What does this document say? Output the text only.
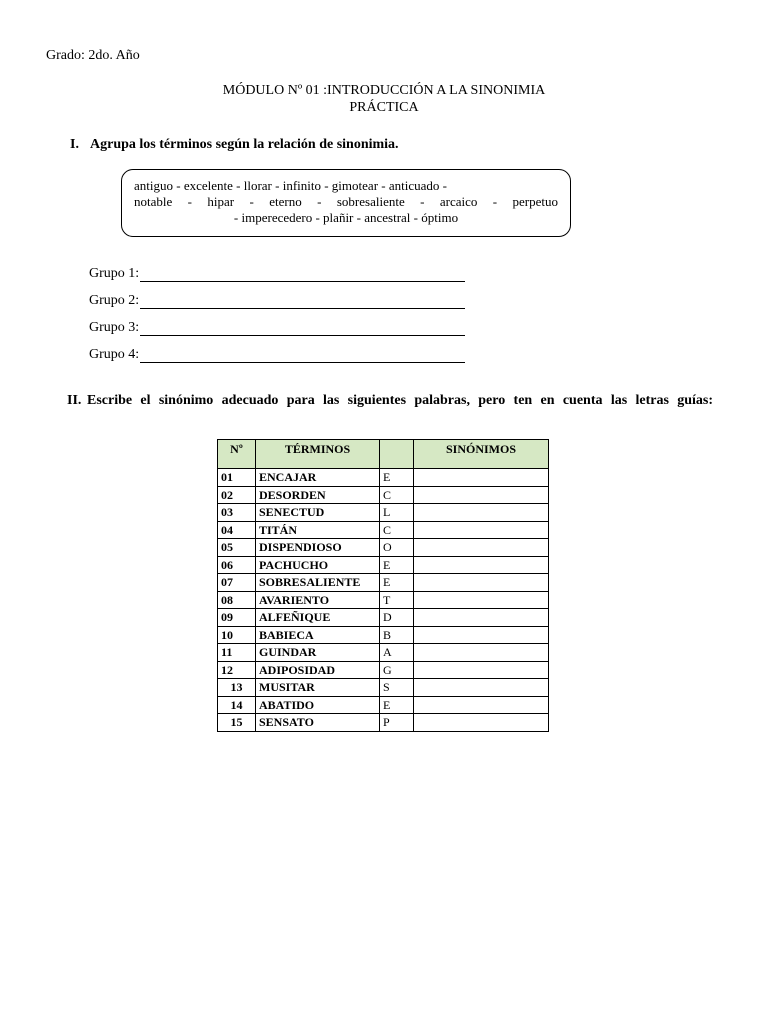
Grado: 2do. Año
MÓDULO Nº 01 :INTRODUCCIÓN A LA SINONIMIA
PRÁCTICA
I. Agrupa los términos según la relación de sinonimia.
antiguo - excelente - llorar - infinito - gimotear - anticuado -
notable - hipar - eterno - sobresaliente - arcaico - perpetuo
- imperecedero - plañir - ancestral - óptimo
Grupo 1:
Grupo 2:
Grupo 3:
Grupo 4:
II. Escribe el sinónimo adecuado para las siguientes palabras, pero ten en cuenta las letras guías:
Nº	TÉRMINOS		SINÓNIMOS
01	ENCAJAR	E	
02	DESORDEN	C	
03	SENECTUD	L	
04	TITÁN	C	
05	DISPENDIOSO	O	
06	PACHUCHO	E	
07	SOBRESALIENTE	E	
08	AVARIENTO	T	
09	ALFEÑIQUE	D	
10	BABIECA	B	
11	GUINDAR	A	
12	ADIPOSIDAD	G	
13	MUSITAR	S	
14	ABATIDO	E	
15	SENSATO	P	
